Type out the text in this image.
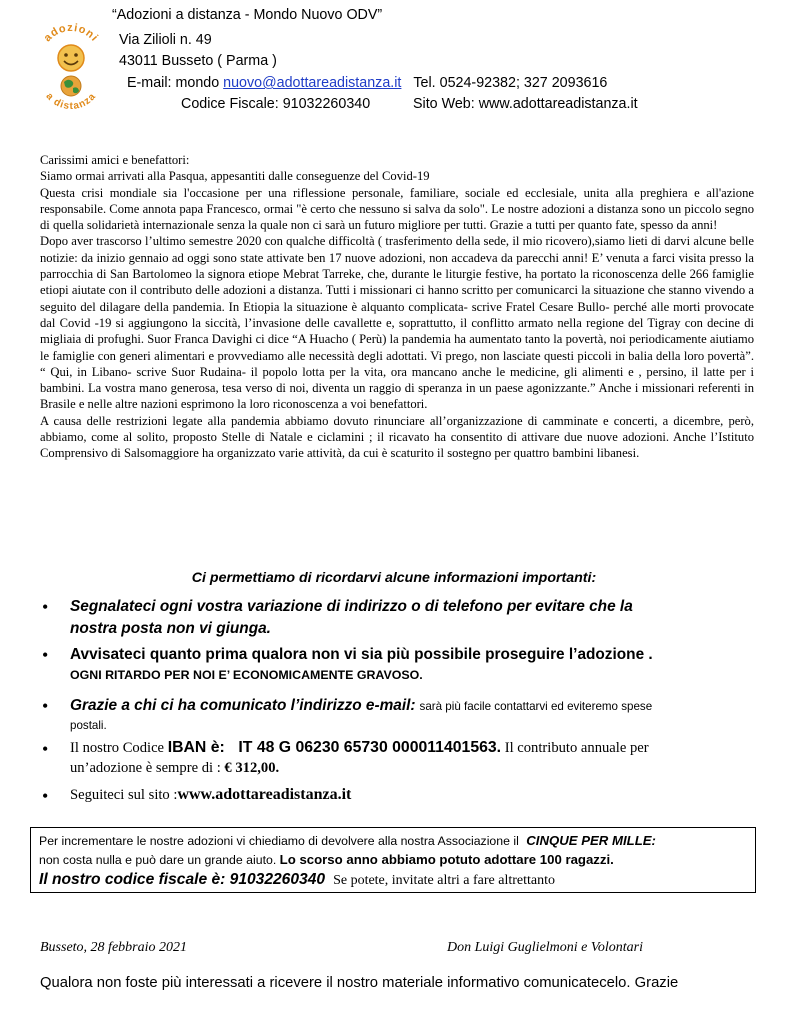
adozioni
a distanza
“Adozioni a distanza - Mondo Nuovo ODV”
Via Zilioli n. 49
43011 Busseto ( Parma )
E-mail: mondo nuovo@adottareadistanza.it Tel. 0524-92382; 327 2093616
Codice Fiscale: 91032260340	Sito Web: www.adottareadistanza.it

Carissimi amici e benefattori:

Siamo ormai arrivati alla Pasqua, appesantiti dalle conseguenze del Covid-19

Questa crisi mondiale sia l'occasione per una riflessione personale, familiare, sociale ed ecclesiale, unita alla preghiera e all'azione responsabile. Come annota papa Francesco, ormai "è certo che nessuno si salva da solo". Le nostre adozioni a distanza sono un piccolo segno di quella solidarietà internazionale senza la quale non ci sarà un futuro migliore per tutti. Grazie a tutti per quanto fate, spesso da anni!

Dopo aver trascorso l’ultimo semestre 2020 con qualche difficoltà ( trasferimento della sede, il mio ricovero),siamo lieti di darvi alcune belle notizie: da inizio gennaio ad oggi sono state attivate ben 17 nuove adozioni, non accadeva da parecchi anni! E’ venuta a farci visita presso la parrocchia di San Bartolomeo la signora etiope Mebrat Tarreke, che, durante le liturgie festive, ha portato la riconoscenza delle 266 famiglie etiopi aiutate con il contributo delle adozioni a distanza. Tutti i missionari ci hanno scritto per comunicarci la situazione che stanno vivendo a seguito del dilagare della pandemia. In Etiopia la situazione è alquanto complicata- scrive Fratel Cesare Bullo- perché alle morti provocate dal Covid -19 si aggiungono la siccità, l’invasione delle cavallette e, soprattutto, il conflitto armato nella regione del Tigray con decine di migliaia di profughi. Suor Franca Davighi ci dice “A Huacho ( Perù) la pandemia ha aumentato tanto la povertà, noi periodicamente aiutiamo le famiglie con generi alimentari e provvediamo alle necessità degli adottati. Vi prego, non lasciate questi piccoli in balia della loro povertà”. “ Qui, in Libano- scrive Suor Rudaina- il popolo lotta per la vita, ora mancano anche le medicine, gli alimenti e , persino, il latte per i bambini. La vostra mano generosa, tesa verso di noi, diventa un raggio di speranza in un paese agonizzante.” Anche i missionari referenti in Brasile e nelle altre nazioni esprimono la loro riconoscenza a voi benefattori.

A causa delle restrizioni legate alla pandemia abbiamo dovuto rinunciare all’organizzazione di camminate e concerti, a dicembre, però, abbiamo, come al solito, proposto Stelle di Natale e ciclamini ; il ricavato ha consentito di attivare due nuove adozioni. Anche l’Istituto Comprensivo di Salsomaggiore ha organizzato varie attività, da cui è scaturito il sostegno per quattro bambini libanesi.

Ci permettiamo di ricordarvi alcune informazioni importanti:
• Segnalateci ogni vostra variazione di indirizzo o di telefono per evitare che la
nostra posta non vi giunga.
• Avvisateci quanto prima qualora non vi sia più possibile proseguire l’adozione .
OGNI RITARDO PER NOI E’ ECONOMICAMENTE GRAVOSO.
• Grazie a chi ci ha comunicato l’indirizzo e-mail: sarà più facile contattarvi ed eviteremo spese
postali.
• Il nostro Codice IBAN è: IT 48 G 06230 65730 000011401563. Il contributo annuale per
un’adozione è sempre di : € 312,00.
• Seguiteci sul sito :www.adottareadistanza.it
Per incrementare le nostre adozioni vi chiediamo di devolvere alla nostra Associazione il CINQUE PER MILLE:
non costa nulla e può dare un grande aiuto. Lo scorso anno abbiamo potuto adottare 100 ragazzi.
Il nostro codice fiscale è: 91032260340 Se potete, invitate altri a fare altrettanto
Busseto, 28 febbraio 2021	Don Luigi Guglielmoni e Volontari
Qualora non foste più interessati a ricevere il nostro materiale informativo comunicatecelo. Grazie
